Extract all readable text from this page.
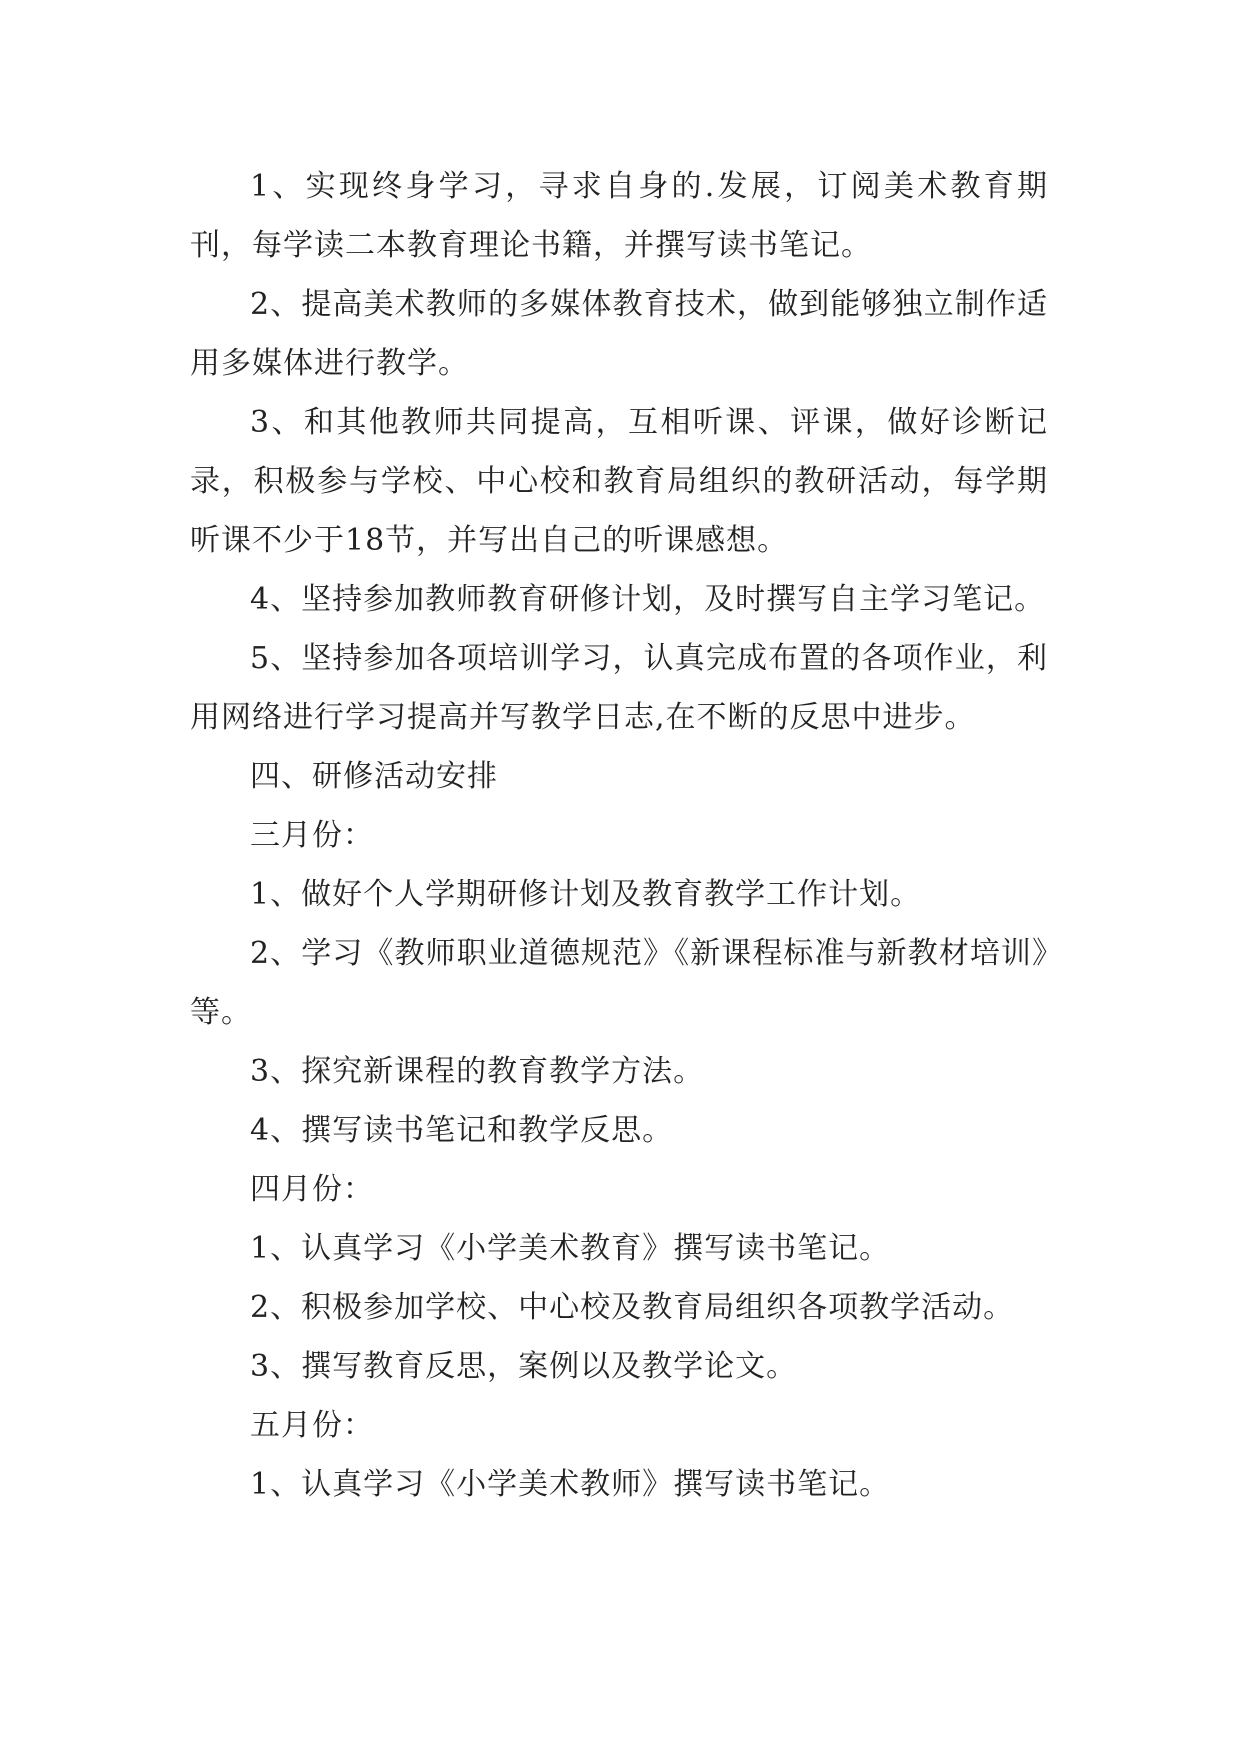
1、实现终身学习，寻求自身的.发展，订阅美术教育期刊，每学读二本教育理论书籍，并撰写读书笔记。

2、提高美术教师的多媒体教育技术，做到能够独立制作适用多媒体进行教学。

3、和其他教师共同提高，互相听课、评课，做好诊断记录，积极参与学校、中心校和教育局组织的教研活动，每学期听课不少于18节，并写出自己的听课感想。

4、坚持参加教师教育研修计划，及时撰写自主学习笔记。

5、坚持参加各项培训学习，认真完成布置的各项作业，利用网络进行学习提高并写教学日志,在不断的反思中进步。

四、研修活动安排

三月份：

1、做好个人学期研修计划及教育教学工作计划。

2、学习《教师职业道德规范》《新课程标准与新教材培训》等。

3、探究新课程的教育教学方法。

4、撰写读书笔记和教学反思。

四月份：

1、认真学习《小学美术教育》撰写读书笔记。

2、积极参加学校、中心校及教育局组织各项教学活动。

3、撰写教育反思，案例以及教学论文。

五月份：

1、认真学习《小学美术教师》撰写读书笔记。
